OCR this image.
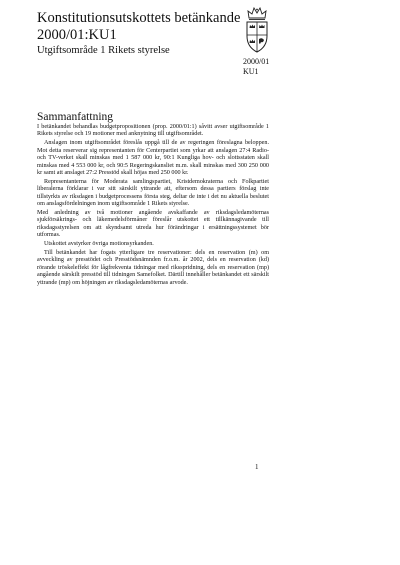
Konstitutionsutskottets betänkande
2000/01:KU1
Utgiftsområde 1 Rikets styrelse
2000/01
KU1
Sammanfattning

I betänkandet behandlas budgetpropositionen (prop. 2000/01:1) såvitt avser utgiftsområde 1 Rikets styrelse och 19 motioner med anknytning till utgiftsområdet.

Anslagen inom utgiftsområdet föreslås uppgå till de av regeringen föreslagna beloppen. Mot detta reserverar sig representanten för Centerpartiet som yrkar att anslagen 27:4 Radio- och TV-verket skall minskas med 1 587 000 kr, 90:1 Kungliga hov- och slottsstaten skall minskas med 4 553 000 kr, och 90:5 Regeringskansliet m.m. skall minskas med 300 250 000 kr samt att anslaget 27:2 Presstöd skall höjas med 250 000 kr.

Representanterna för Moderata samlingspartiet, Kristdemokraterna och Folkpartiet liberalerna förklarar i var sitt särskilt yttrande att, eftersom dessa partiers förslag inte tillstyrkts av riksdagen i budgetprocessens första steg, deltar de inte i det nu aktuella beslutet om anslagsfördelningen inom utgiftsområde 1 Rikets styrelse.

Med anledning av två motioner angående avskaffande av riksdagsledamöternas sjukförsäkrings- och läkemedelsförmåner föreslår utskottet ett tillkännagivande till riksdagsstyrelsen om att skyndsamt utreda hur förändringar i ersättningssystemet bör utformas.

Utskottet avstyrker övriga motionsyrkanden.

Till betänkandet har fogats ytterligare tre reservationer: dels en reservation (m) om avveckling av presstödet och Presstödsnämnden fr.o.m. år 2002, dels en reservation (kd) rörande tröskeleffekt för lågfrekventa tidningar med riksspridning, dels en reservation (mp) angående särskilt presstöd till tidningen Samefolket. Därtill innehåller betänkandet ett särskilt yttrande (mp) om höjningen av riksdagsledamöternas arvode.

1
